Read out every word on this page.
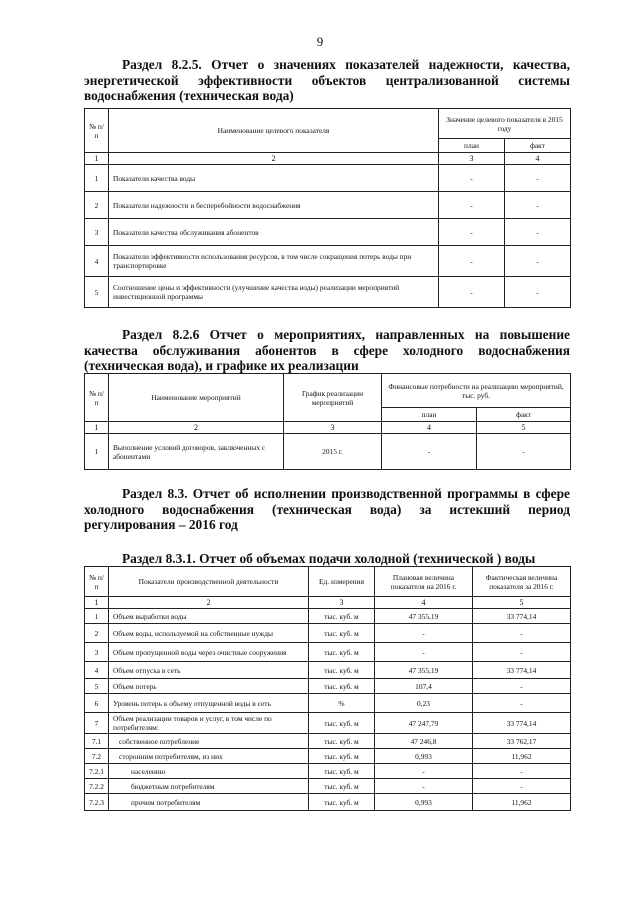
9
Раздел 8.2.5. Отчет о значениях показателей надежности, качества, энергетической эффективности объектов централизованной системы водоснабжения (техническая вода)
№ п/п	Наименование целевого показателя	Значение целевого показателя в 2015 году	
		план	факт
1	2	3	4
1	Показатели качества воды	-	-
2	Показатели надежности и бесперебойности водоснабжения	-	-
3	Показатели качества обслуживания абонентов	-	-
4	Показатели эффективности использования ресурсов, в том числе сокращения потерь воды при транспортировке	-	-
5	Соотношение цены и эффективности (улучшение качества воды) реализации мероприятий инвестиционной программы	-	-
Раздел 8.2.6 Отчет о мероприятиях, направленных на повышение качества обслуживания абонентов в сфере холодного водоснабжения (техническая вода), и графике их реализации
№ п/п	Наименование мероприятий	График реализации мероприятий	Финансовые потребности на реализацию мероприятий, тыс. руб.	
			план	факт
1	2	3	4	5
1	Выполнение условий договоров, заключенных с абонентами	2015 г.	-	-
Раздел 8.3. Отчет об исполнении производственной программы в сфере холодного водоснабжения (техническая вода) за истекший период регулирования – 2016 год
Раздел 8.3.1. Отчет об объемах подачи холодной (технической ) воды
№ п/п	Показатели производственной деятельности	Ед. измерения	Плановая величина показателя на 2016 г.	Фактическая величина показателя за 2016 г.
1	2	3	4	5
1	Объем выработки воды	тыс. куб. м	47 355,19	33 774,14
2	Объем воды, используемой на собственные нужды	тыс. куб. м	-	-
3	Объем пропущенной воды через очистные сооружения	тыс. куб. м	-	-
4	Объем отпуска в сеть	тыс. куб. м	47 355,19	33 774,14
5	Объем потерь	тыс. куб. м	107,4	-
6	Уровень потерь к объему отпущенной воды в сеть	%	0,23	-
7	Объем реализации товаров и услуг, в том числе по потребителям:	тыс. куб. м	47 247,79	33 774,14
7.1	собственное потребление	тыс. куб. м	47 246,8	33 762,17
7.2	сторонним потребителям, из них	тыс. куб. м	0,993	11,962
7.2.1	населению	тыс. куб. м	-	-
7.2.2	бюджетным потребителям	тыс. куб. м	-	-
7.2.3	прочим потребителям	тыс. куб. м	0,993	11,962
